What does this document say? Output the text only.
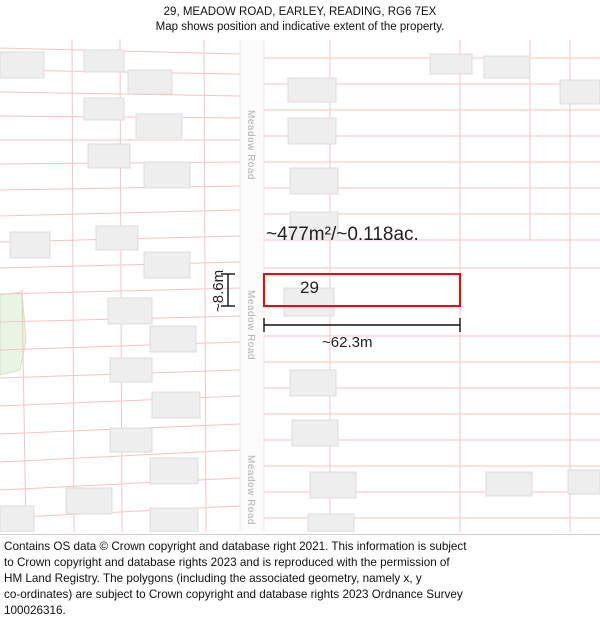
29, MEADOW ROAD, EARLEY, READING, RG6 7EX
Map shows position and indicative extent of the property.
Meadow Road
Meadow Road
Meadow Road
~477m²/~0.118ac.
29
~62.3m
~8.6m

Contains OS data © Crown copyright and database right 2021. This information is subject

to Crown copyright and database rights 2023 and is reproduced with the permission of

HM Land Registry. The polygons (including the associated geometry, namely x, y

co-ordinates) are subject to Crown copyright and database rights 2023 Ordnance Survey

100026316.
